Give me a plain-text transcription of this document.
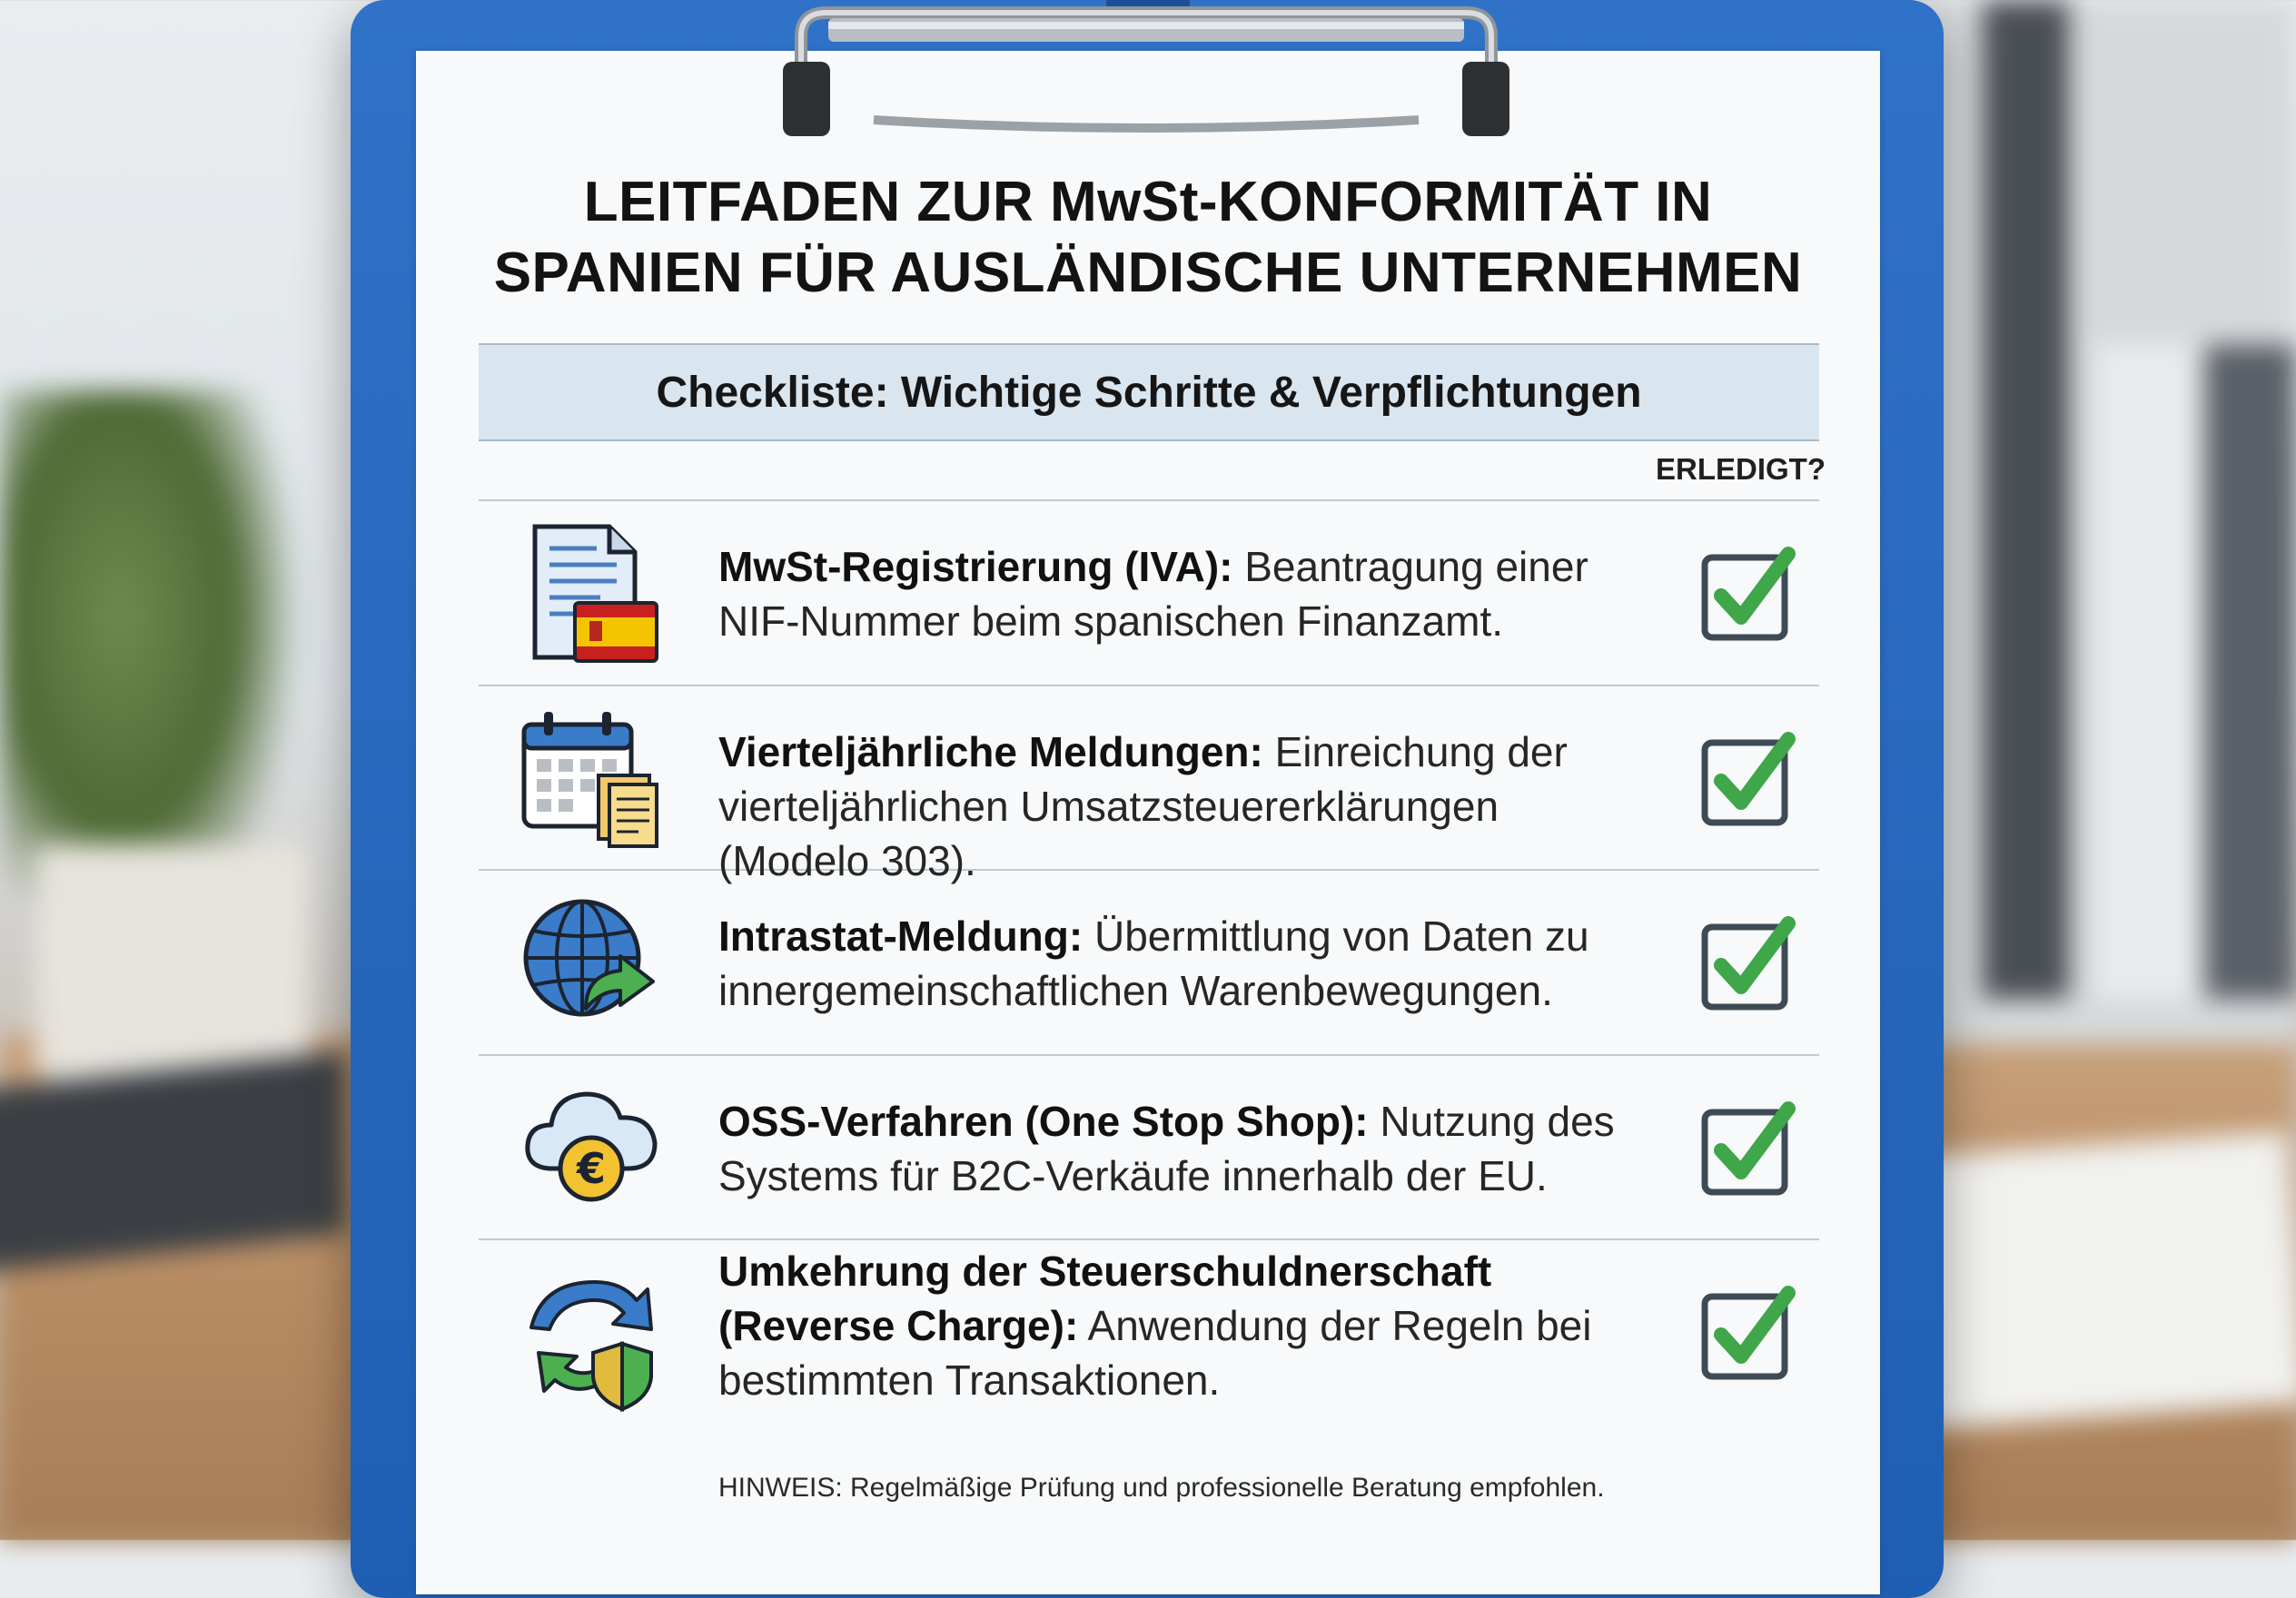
LEITFADEN ZUR MwSt-KONFORMITÄT IN
SPANIEN FÜR AUSLÄNDISCHE UNTERNEHMEN
Checkliste: Wichtige Schritte & Verpflichtungen
ERLEDIGT?
MwSt-Registrierung (IVA): Beantragung einer NIF-Nummer beim spanischen Finanzamt.
Vierteljährliche Meldungen: Einreichung der vierteljährlichen Umsatzsteuererklärungen (Modelo 303).
Intrastat-Meldung: Übermittlung von Daten zu innergemeinschaftlichen Warenbewegungen.
€
OSS-Verfahren (One Stop Shop): Nutzung des Systems für B2C-Verkäufe innerhalb der EU.
Umkehrung der Steuerschuldnerschaft (Reverse Charge): Anwendung der Regeln bei bestimmten Transaktionen.
HINWEIS: Regelmäßige Prüfung und professionelle Beratung empfohlen.
